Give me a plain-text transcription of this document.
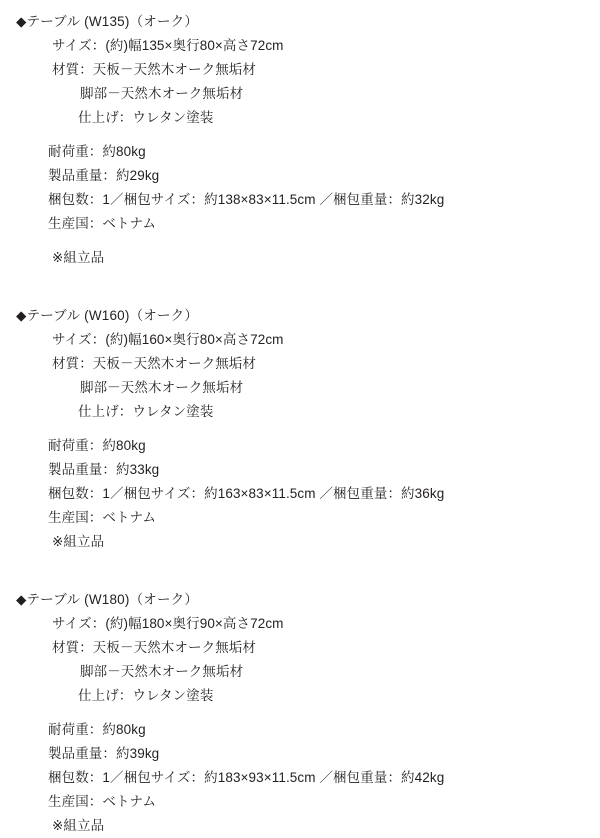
◆テーブル (W135)（オーク）
サイズ：(約)幅135×奥行80×高さ72cm
材質：天板－天然木オーク無垢材
脚部－天然木オーク無垢材
仕上げ：ウレタン塗装
耐荷重：約80kg
製品重量：約29kg
梱包数：1／梱包サイズ：約138×83×11.5cm ／梱包重量：約32kg
生産国：ベトナム
※組立品
◆テーブル (W160)（オーク）
サイズ：(約)幅160×奥行80×高さ72cm
材質：天板－天然木オーク無垢材
脚部－天然木オーク無垢材
仕上げ：ウレタン塗装
耐荷重：約80kg
製品重量：約33kg
梱包数：1／梱包サイズ：約163×83×11.5cm ／梱包重量：約36kg
生産国：ベトナム
※組立品
◆テーブル (W180)（オーク）
サイズ：(約)幅180×奥行90×高さ72cm
材質：天板－天然木オーク無垢材
脚部－天然木オーク無垢材
仕上げ：ウレタン塗装
耐荷重：約80kg
製品重量：約39kg
梱包数：1／梱包サイズ：約183×93×11.5cm ／梱包重量：約42kg
生産国：ベトナム
※組立品
